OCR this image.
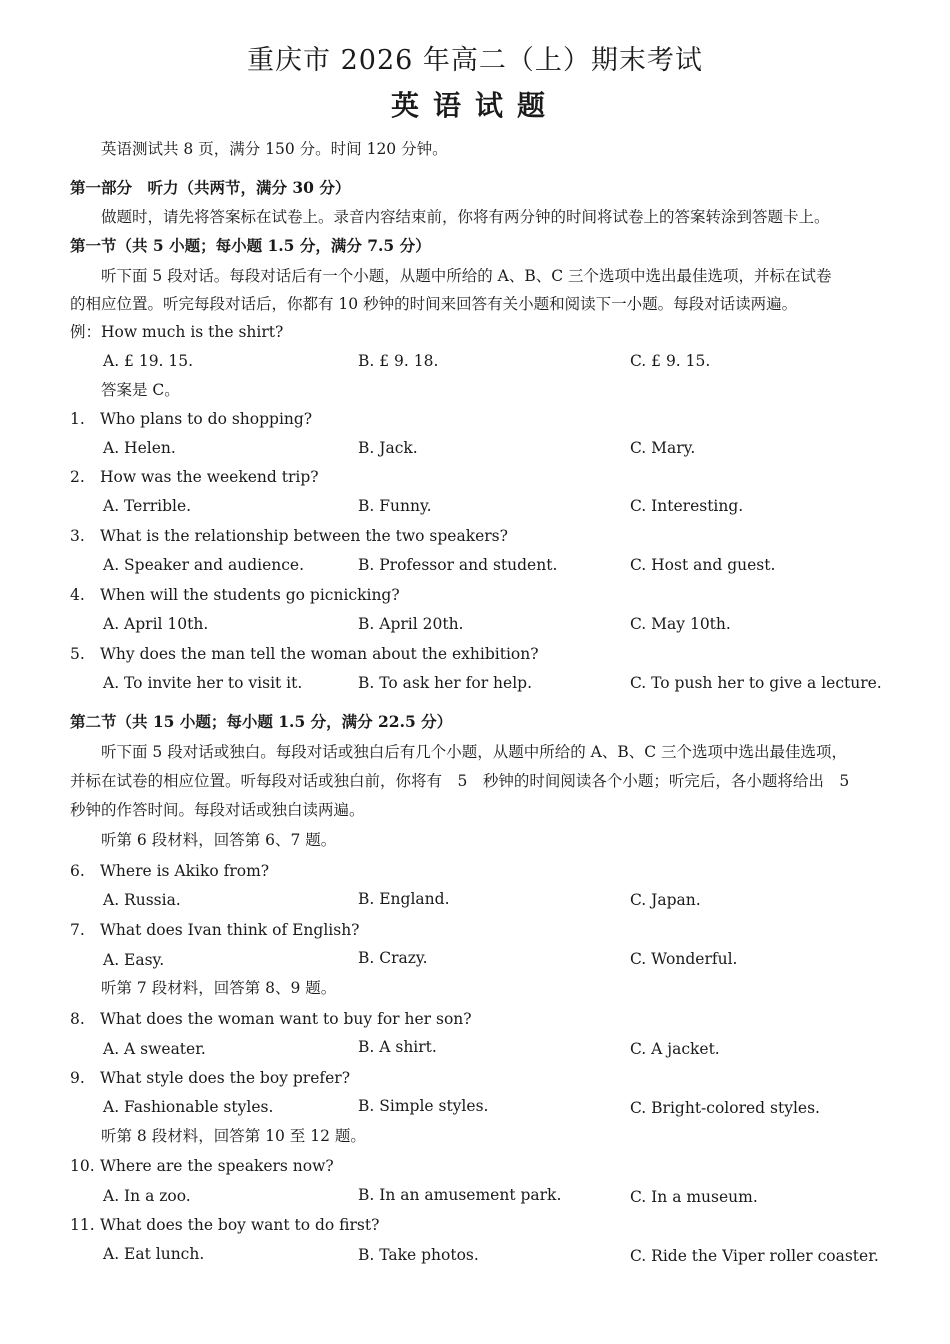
重庆市 2026 年高二（上）期末考试
英语试题
英语测试共 8 页，满分 150 分。时间 120 分钟。
第一部分　听力（共两节，满分 30 分）
做题时，请先将答案标在试卷上。录音内容结束前，你将有两分钟的时间将试卷上的答案转涂到答题卡上。
第一节（共 5 小题；每小题 1.5 分，满分 7.5 分）
听下面 5 段对话。每段对话后有一个小题，从题中所给的 A、B、C 三个选项中选出最佳选项，并标在试卷
的相应位置。听完每段对话后，你都有 10 秒钟的时间来回答有关小题和阅读下一小题。每段对话读两遍。
例：How much is the shirt?
A. £ 19. 15.	B. £ 9. 18.	C. £ 9. 15.
答案是 C。
1. Who plans to do shopping?
A. Helen.	B. Jack.	C. Mary.
2. How was the weekend trip?
A. Terrible.	B. Funny.	C. Interesting.
3. What is the relationship between the two speakers?
A. Speaker and audience.	B. Professor and student.	C. Host and guest.
4. When will the students go picnicking?
A. April 10th.	B. April 20th.	C. May 10th.
5. Why does the man tell the woman about the exhibition?
A. To invite her to visit it.	B. To ask her for help.	C. To push her to give a lecture.
第二节（共 15 小题；每小题 1.5 分，满分 22.5 分）
听下面 5 段对话或独白。每段对话或独白后有几个小题，从题中所给的 A、B、C 三个选项中选出最佳选项，
并标在试卷的相应位置。听每段对话或独白前，你将有　5　秒钟的时间阅读各个小题；听完后，各小题将给出　5
秒钟的作答时间。每段对话或独白读两遍。
听第 6 段材料，回答第 6、7 题。
6. Where is Akiko from?
A. Russia.	B. England.	C. Japan.
7. What does Ivan think of English?
A. Easy.	B. Crazy.	C. Wonderful.
听第 7 段材料，回答第 8、9 题。
8. What does the woman want to buy for her son?
A. A sweater.	B. A shirt.	C. A jacket.
9. What style does the boy prefer?
A. Fashionable styles.	B. Simple styles.	C. Bright-colored styles.
听第 8 段材料，回答第 10 至 12 题。
10. Where are the speakers now?
A. In a zoo.	B. In an amusement park.	C. In a museum.
11. What does the boy want to do first?
A. Eat lunch.	B. Take photos.	C. Ride the Viper roller coaster.
